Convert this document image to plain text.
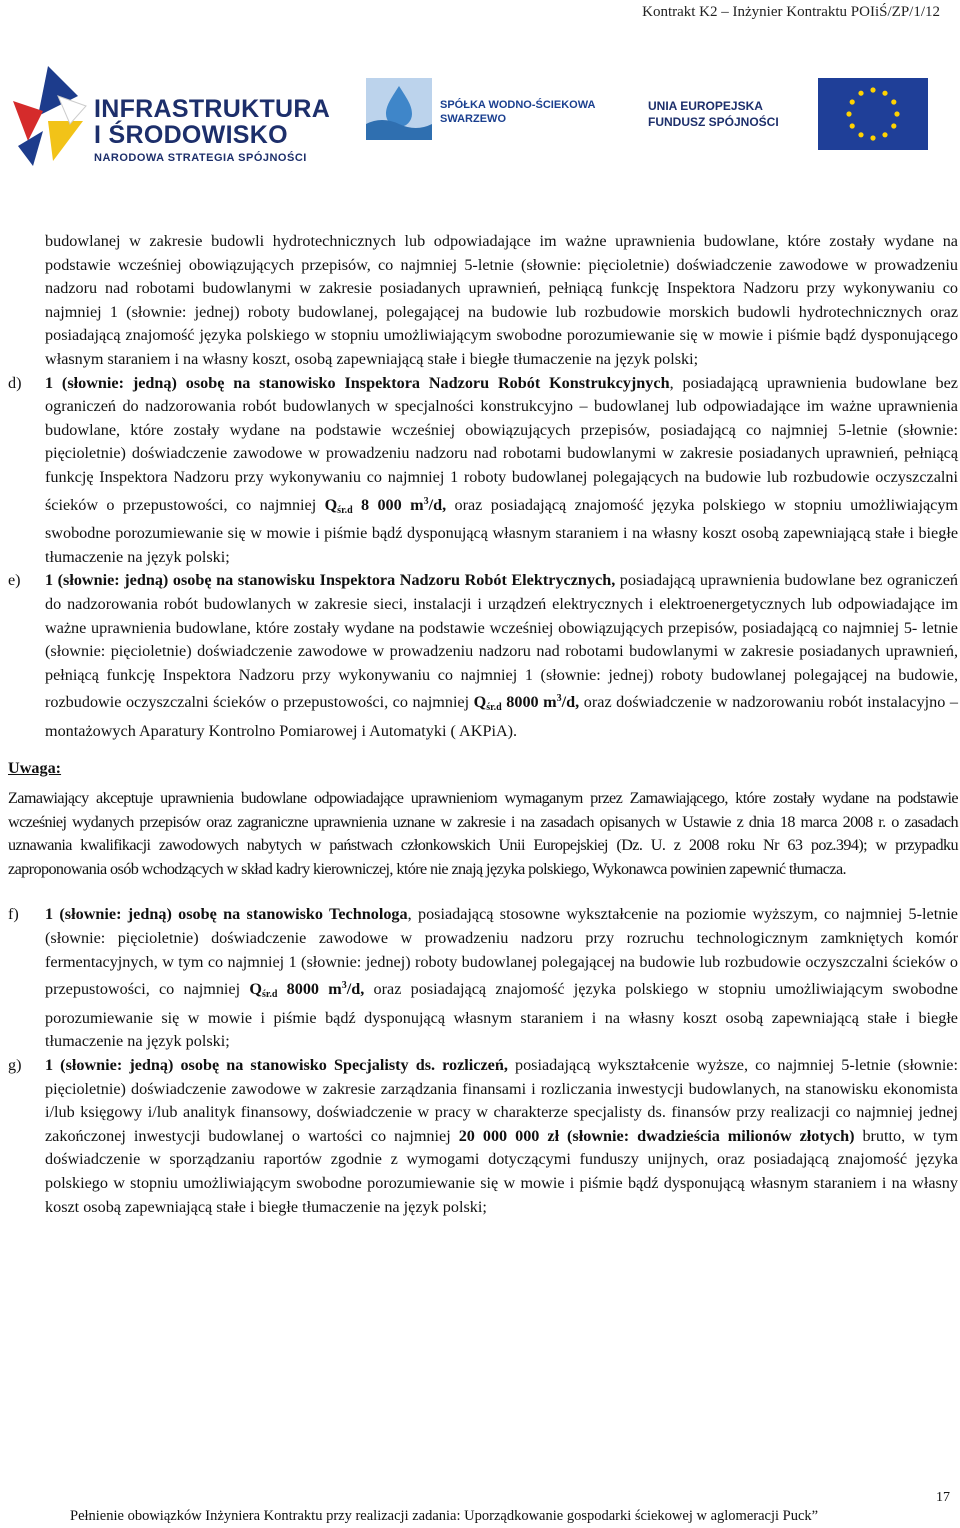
Kontrakt K2 – Inżynier Kontraktu POIiŚ/ZP/1/12
INFRASTRUKTURA
I ŚRODOWISKO
NARODOWA STRATEGIA SPÓJNOŚCI
SPÓŁKA WODNO-ŚCIEKOWA
SWARZEWO
UNIA EUROPEJSKA
FUNDUSZ SPÓJNOŚCI
budowlanej w zakresie budowli hydrotechnicznych lub odpowiadające im ważne uprawnienia budowlane, które zostały wydane na podstawie wcześniej obowiązujących przepisów, co najmniej 5-letnie (słownie: pięcioletnie) doświadczenie zawodowe w prowadzeniu nadzoru nad robotami budowlanymi w zakresie posiadanych uprawnień, pełniącą funkcję Inspektora Nadzoru przy wykonywaniu co najmniej 1 (słownie: jednej) roboty budowlanej, polegającej na budowie lub rozbudowie morskich budowli hydrotechnicznych oraz posiadającą znajomość języka polskiego w stopniu umożliwiającym swobodne porozumiewanie się w mowie i piśmie bądź dysponującego własnym staraniem i na własny koszt, osobą zapewniającą stałe i biegłe tłumaczenie na język polski;
d)	1 (słownie: jedną) osobę na stanowisko Inspektora Nadzoru Robót Konstrukcyjnych, posiadającą uprawnienia budowlane bez ograniczeń do nadzorowania robót budowlanych w specjalności konstrukcyjno – budowlanej lub odpowiadające im ważne uprawnienia budowlane, które zostały wydane na podstawie wcześniej obowiązujących przepisów, posiadającą co najmniej 5-letnie (słownie: pięcioletnie) doświadczenie zawodowe w prowadzeniu nadzoru nad robotami budowlanymi w zakresie posiadanych uprawnień, pełniącą funkcję Inspektora Nadzoru przy wykonywaniu co najmniej 1 roboty budowlanej polegających na budowie lub rozbudowie oczyszczalni ścieków o przepustowości, co najmniej $Q_{śr.d}$ 8 000 $m^3/d$, oraz posiadającą znajomość języka polskiego w stopniu umożliwiającym swobodne porozumiewanie się w mowie i piśmie bądź dysponującą własnym staraniem i na własny koszt osobą zapewniającą stałe i biegłe tłumaczenie na język polski;
e)	1 (słownie: jedną) osobę na stanowisku Inspektora Nadzoru Robót Elektrycznych, posiadającą uprawnienia budowlane bez ograniczeń do nadzorowania robót budowlanych w zakresie sieci, instalacji i urządzeń elektrycznych i elektroenergetycznych lub odpowiadające im ważne uprawnienia budowlane, które zostały wydane na podstawie wcześniej obowiązujących przepisów, posiadającą co najmniej 5- letnie (słownie: pięcioletnie) doświadczenie zawodowe w prowadzeniu nadzoru nad robotami budowlanymi w zakresie posiadanych uprawnień, pełniącą funkcję Inspektora Nadzoru przy wykonywaniu co najmniej 1 (słownie: jednej) roboty budowlanej polegającej na budowie, rozbudowie oczyszczalni ścieków o przepustowości, co najmniej $Q_{śr.d}$ 8000 $m^3/d$, oraz doświadczenie w nadzorowaniu robót instalacyjno – montażowych Aparatury Kontrolno Pomiarowej i Automatyki ( AKPiA).
Uwaga:
Zamawiający akceptuje uprawnienia budowlane odpowiadające uprawnieniom wymaganym przez Zamawiającego, które zostały wydane na podstawie wcześniej wydanych przepisów oraz zagraniczne uprawnienia uznane w zakresie i na zasadach opisanych w Ustawie z dnia 18 marca 2008 r. o zasadach uznawania kwalifikacji zawodowych nabytych w państwach członkowskich Unii Europejskiej (Dz. U. z 2008 roku Nr 63 poz.394); w przypadku zaproponowania osób wchodzących w skład kadry kierowniczej, które nie znają języka polskiego, Wykonawca powinien zapewnić tłumacza.
f)	1 (słownie: jedną) osobę na stanowisko Technologa, posiadającą stosowne wykształcenie na poziomie wyższym, co najmniej 5-letnie (słownie: pięcioletnie) doświadczenie zawodowe w prowadzeniu nadzoru przy rozruchu technologicznym zamkniętych komór fermentacyjnych, w tym co najmniej 1 (słownie: jednej) roboty budowlanej polegającej na budowie lub rozbudowie oczyszczalni ścieków o przepustowości, co najmniej $Q_{śr.d}$ 8000 $m^3/d$, oraz posiadającą znajomość języka polskiego w stopniu umożliwiającym swobodne porozumiewanie się w mowie i piśmie bądź dysponującą własnym staraniem i na własny koszt osobą zapewniającą stałe i biegłe tłumaczenie na język polski;
g)	1 (słownie: jedną) osobę na stanowisko Specjalisty ds. rozliczeń, posiadającą wykształcenie wyższe, co najmniej 5-letnie (słownie: pięcioletnie) doświadczenie zawodowe w zakresie zarządzania finansami i rozliczania inwestycji budowlanych, na stanowisku ekonomista i/lub księgowy i/lub analityk finansowy, doświadczenie w pracy w charakterze specjalisty ds. finansów przy realizacji co najmniej jednej zakończonej inwestycji budowlanej o wartości co najmniej 20 000 000 zł (słownie: dwadzieścia milionów złotych) brutto, w tym doświadczenie w sporządzaniu raportów zgodnie z wymogami dotyczącymi funduszy unijnych, oraz posiadającą znajomość języka polskiego w stopniu umożliwiającym swobodne porozumiewanie się w mowie i piśmie bądź dysponującą własnym staraniem i na własny koszt osobą zapewniającą stałe i biegłe tłumaczenie na język polski;
17
Pełnienie obowiązków Inżyniera Kontraktu przy realizacji zadania: Uporządkowanie gospodarki ściekowej w aglomeracji Puck”
